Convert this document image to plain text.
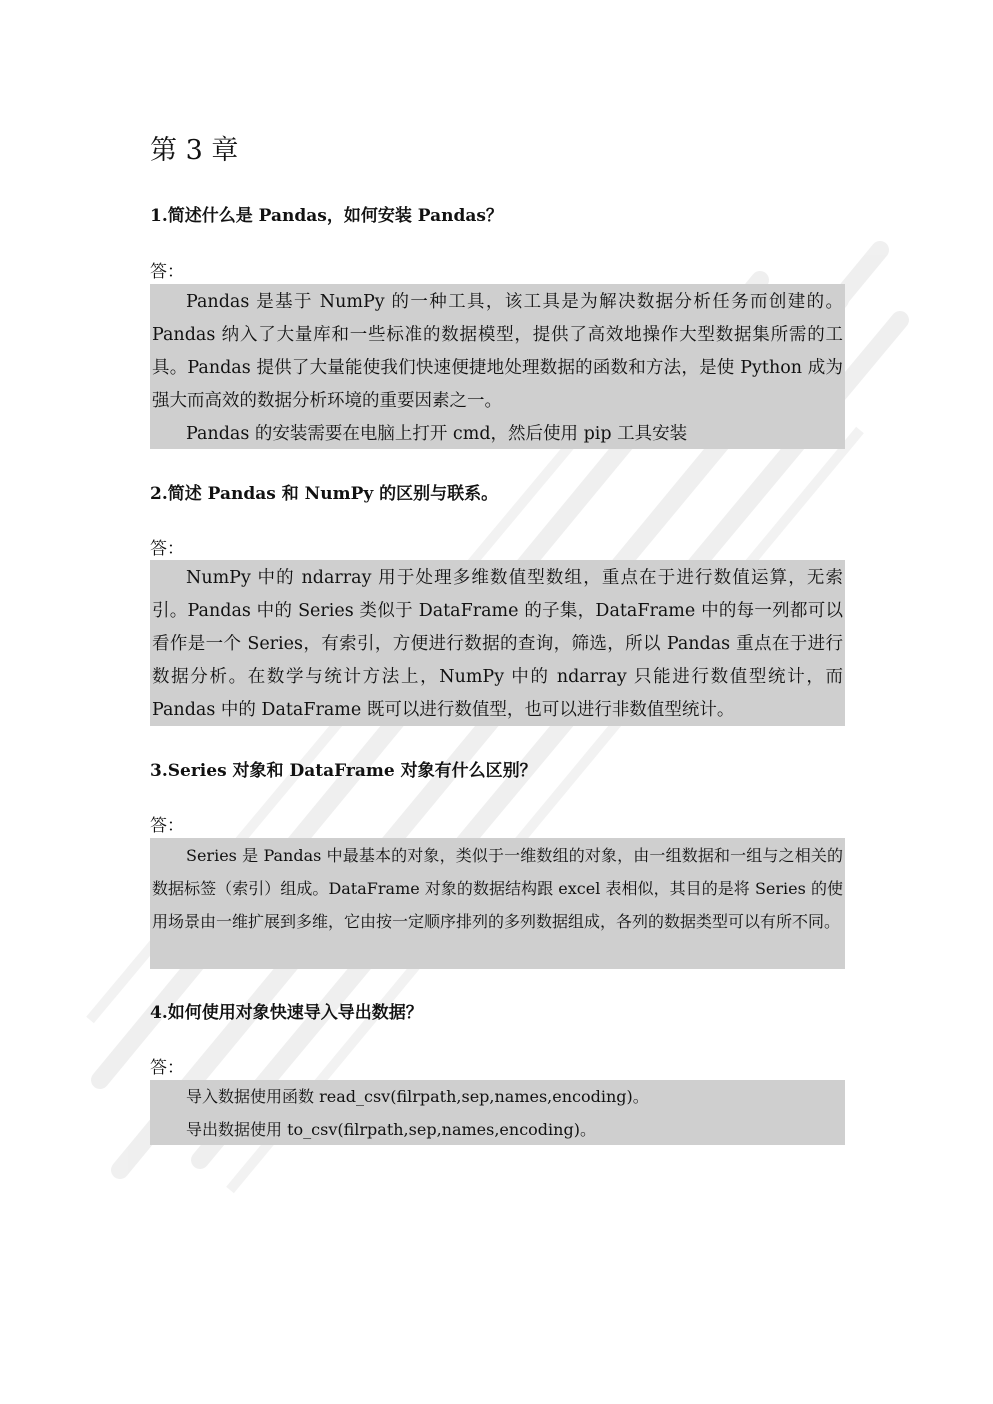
第 3 章
1.简述什么是 Pandas，如何安装 Pandas？
答：

Pandas 是基于 NumPy 的一种工具，该工具是为解决数据分析任务而创建的。Pandas 纳入了大量库和一些标准的数据模型，提供了高效地操作大型数据集所需的工具。Pandas 提供了大量能使我们快速便捷地处理数据的函数和方法，是使 Python 成为强大而高效的数据分析环境的重要因素之一。

Pandas 的安装需要在电脑上打开 cmd，然后使用 pip 工具安装

2.简述 Pandas 和 NumPy 的区别与联系。
答：

NumPy 中的 ndarray 用于处理多维数值型数组，重点在于进行数值运算，无索引。Pandas 中的 Series 类似于 DataFrame 的子集，DataFrame 中的每一列都可以看作是一个 Series，有索引，方便进行数据的查询，筛选，所以 Pandas 重点在于进行数据分析。在数学与统计方法上，NumPy 中的 ndarray 只能进行数值型统计，而 Pandas 中的 DataFrame 既可以进行数值型，也可以进行非数值型统计。

3.Series 对象和 DataFrame 对象有什么区别？
答：

Series 是 Pandas 中最基本的对象，类似于一维数组的对象，由一组数据和一组与之相关的数据标签（索引）组成。DataFrame 对象的数据结构跟 excel 表相似，其目的是将 Series 的使用场景由一维扩展到多维，它由按一定顺序排列的多列数据组成，各列的数据类型可以有所不同。

4.如何使用对象快速导入导出数据？
答：

导入数据使用函数 read_csv(filrpath,sep,names,encoding)。

导出数据使用 to_csv(filrpath,sep,names,encoding)。
